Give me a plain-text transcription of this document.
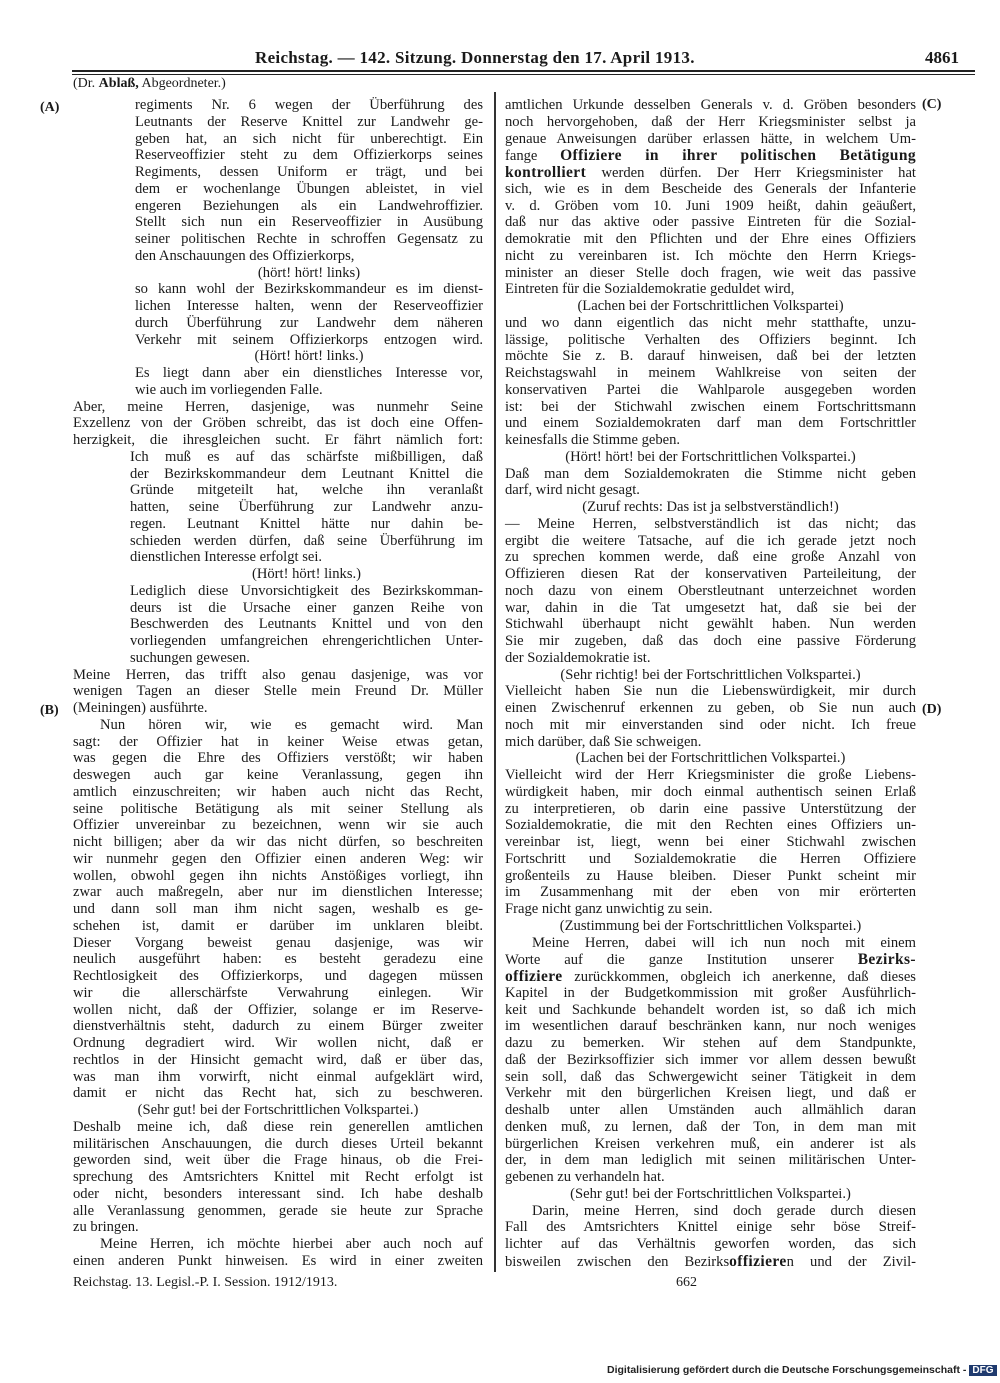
Reichstag. — 142. Sitzung. Donnerstag den 17. April 1913.	4861
(Dr. Ablaß, Abgeordneter.)
(A)
(B)
(C)
(D)
regiments Nr. 6 wegen der Überführung des
Leutnants der Reserve Knittel zur Landwehr ge-
geben hat, an sich nicht für unberechtigt. Ein
Reserveoffizier steht zu dem Offizierkorps seines
Regiments, dessen Uniform er trägt, und bei
dem er wochenlange Übungen ableistet, in viel
engeren Beziehungen als ein Landwehroffizier.
Stellt sich nun ein Reserveoffizier in Ausübung
seiner politischen Rechte in schroffen Gegensatz zu
den Anschauungen des Offizierkorps,
(hört! hört! links)
so kann wohl der Bezirkskommandeur es im dienst-
lichen Interesse halten, wenn der Reserveoffizier
durch Überführung zur Landwehr dem näheren
Verkehr mit seinem Offizierkorps entzogen wird.
(Hört! hört! links.)
Es liegt dann aber ein dienstliches Interesse vor,
wie auch im vorliegenden Falle.
Aber, meine Herren, dasjenige, was nunmehr Seine
Exzellenz von der Gröben schreibt, das ist doch eine Offen-
herzigkeit, die ihresgleichen sucht. Er fährt nämlich fort:
Ich muß es auf das schärfste mißbilligen, daß
der Bezirkskommandeur dem Leutnant Knittel die
Gründe mitgeteilt hat, welche ihn veranlaßt
hatten, seine Überführung zur Landwehr anzu-
regen. Leutnant Knittel hätte nur dahin be-
schieden werden dürfen, daß seine Überführung im
dienstlichen Interesse erfolgt sei.
(Hört! hört! links.)
Lediglich diese Unvorsichtigkeit des Bezirkskomman-
deurs ist die Ursache einer ganzen Reihe von
Beschwerden des Leutnants Knittel und von den
vorliegenden umfangreichen ehrengerichtlichen Unter-
suchungen gewesen.
Meine Herren, das trifft also genau dasjenige, was vor
wenigen Tagen an dieser Stelle mein Freund Dr. Müller
(Meiningen) ausführte.
Nun hören wir, wie es gemacht wird. Man
sagt: der Offizier hat in keiner Weise etwas getan,
was gegen die Ehre des Offiziers verstößt; wir haben
deswegen auch gar keine Veranlassung, gegen ihn
amtlich einzuschreiten; wir haben auch nicht das Recht,
seine politische Betätigung als mit seiner Stellung als
Offizier unvereinbar zu bezeichnen, wenn wir sie auch
nicht billigen; aber da wir das nicht dürfen, so beschreiten
wir nunmehr gegen den Offizier einen anderen Weg: wir
wollen, obwohl gegen ihn nichts Anstößiges vorliegt, ihn
zwar auch maßregeln, aber nur im dienstlichen Interesse;
und dann soll man ihm nicht sagen, weshalb es ge-
schehen ist, damit er darüber im unklaren bleibt.
Dieser Vorgang beweist genau dasjenige, was wir
neulich ausgeführt haben: es besteht geradezu eine
Rechtlosigkeit des Offizierkorps, und dagegen müssen
wir die allerschärfste Verwahrung einlegen. Wir
wollen nicht, daß der Offizier, solange er im Reserve-
dienstverhältnis steht, dadurch zu einem Bürger zweiter
Ordnung degradiert wird. Wir wollen nicht, daß er
rechtlos in der Hinsicht gemacht wird, daß er über das,
was man ihm vorwirft, nicht einmal aufgeklärt wird,
damit er nicht das Recht hat, sich zu beschweren.
(Sehr gut! bei der Fortschrittlichen Volkspartei.)
Deshalb meine ich, daß diese rein generellen amtlichen
militärischen Anschauungen, die durch dieses Urteil bekannt
geworden sind, weit über die Frage hinaus, ob die Frei-
sprechung des Amtsrichters Knittel mit Recht erfolgt ist
oder nicht, besonders interessant sind. Ich habe deshalb
alle Veranlassung genommen, gerade sie heute zur Sprache
zu bringen.
Meine Herren, ich möchte hierbei aber auch noch auf
einen anderen Punkt hinweisen. Es wird in einer zweiten
amtlichen Urkunde desselben Generals v. d. Gröben besonders
noch hervorgehoben, daß der Herr Kriegsminister selbst ja
genaue Anweisungen darüber erlassen hätte, in welchem Um-
fange Offiziere in ihrer politischen Betätigung
kontrolliert werden dürfen. Der Herr Kriegsminister hat
sich, wie es in dem Bescheide des Generals der Infanterie
v. d. Gröben vom 10. Juni 1909 heißt, dahin geäußert,
daß nur das aktive oder passive Eintreten für die Sozial-
demokratie mit den Pflichten und der Ehre eines Offiziers
nicht zu vereinbaren ist. Ich möchte den Herrn Kriegs-
minister an dieser Stelle doch fragen, wie weit das passive
Eintreten für die Sozialdemokratie geduldet wird,
(Lachen bei der Fortschrittlichen Volkspartei)
und wo dann eigentlich das nicht mehr statthafte, unzu-
lässige, politische Verhalten des Offiziers beginnt. Ich
möchte Sie z. B. darauf hinweisen, daß bei der letzten
Reichstagswahl in meinem Wahlkreise von seiten der
konservativen Partei die Wahlparole ausgegeben worden
ist: bei der Stichwahl zwischen einem Fortschrittsmann
und einem Sozialdemokraten darf man dem Fortschrittler
keinesfalls die Stimme geben.
(Hört! hört! bei der Fortschrittlichen Volkspartei.)
Daß man dem Sozialdemokraten die Stimme nicht geben
darf, wird nicht gesagt.
(Zuruf rechts: Das ist ja selbstverständlich!)
— Meine Herren, selbstverständlich ist das nicht; das
ergibt die weitere Tatsache, auf die ich gerade jetzt noch
zu sprechen kommen werde, daß eine große Anzahl von
Offizieren diesen Rat der konservativen Parteileitung, der
noch dazu von einem Oberstleutnant unterzeichnet worden
war, dahin in die Tat umgesetzt hat, daß sie bei der
Stichwahl überhaupt nicht gewählt haben. Nun werden
Sie mir zugeben, daß das doch eine passive Förderung
der Sozialdemokratie ist.
(Sehr richtig! bei der Fortschrittlichen Volkspartei.)
Vielleicht haben Sie nun die Liebenswürdigkeit, mir durch
einen Zwischenruf erkennen zu geben, ob Sie nun auch
noch mit mir einverstanden sind oder nicht. Ich freue
mich darüber, daß Sie schweigen.
(Lachen bei der Fortschrittlichen Volkspartei.)
Vielleicht wird der Herr Kriegsminister die große Liebens-
würdigkeit haben, mir doch einmal authentisch seinen Erlaß
zu interpretieren, ob darin eine passive Unterstützung der
Sozialdemokratie, die mit den Rechten eines Offiziers un-
vereinbar ist, liegt, wenn bei einer Stichwahl zwischen
Fortschritt und Sozialdemokratie die Herren Offiziere
großenteils zu Hause bleiben. Dieser Punkt scheint mir
im Zusammenhang mit der eben von mir erörterten
Frage nicht ganz unwichtig zu sein.
(Zustimmung bei der Fortschrittlichen Volkspartei.)
Meine Herren, dabei will ich nun noch mit einem
Worte auf die ganze Institution unserer Bezirks-
offiziere zurückkommen, obgleich ich anerkenne, daß dieses
Kapitel in der Budgetkommission mit großer Ausführlich-
keit und Sachkunde behandelt worden ist, so daß ich mich
im wesentlichen darauf beschränken kann, nur noch weniges
dazu zu bemerken. Wir stehen auf dem Standpunkte,
daß der Bezirksoffizier sich immer vor allem dessen bewußt
sein soll, daß das Schwergewicht seiner Tätigkeit in dem
Verkehr mit den bürgerlichen Kreisen liegt, und daß er
deshalb unter allen Umständen auch allmählich daran
denken muß, zu lernen, daß der Ton, in dem man mit
bürgerlichen Kreisen verkehren muß, ein anderer ist als
der, in dem man lediglich mit seinen militärischen Unter-
gebenen zu verhandeln hat.
(Sehr gut! bei der Fortschrittlichen Volkspartei.)
Darin, meine Herren, sind doch gerade durch diesen
Fall des Amtsrichters Knittel einige sehr böse Streif-
lichter auf das Verhältnis geworfen worden, das sich
bisweilen zwischen den Bezirksoffizieren und der Zivil-
Reichstag. 13. Legisl.-P. I. Session. 1912/1913.	662
Digitalisierung gefördert durch die Deutsche Forschungsgemeinschaft - DFG
